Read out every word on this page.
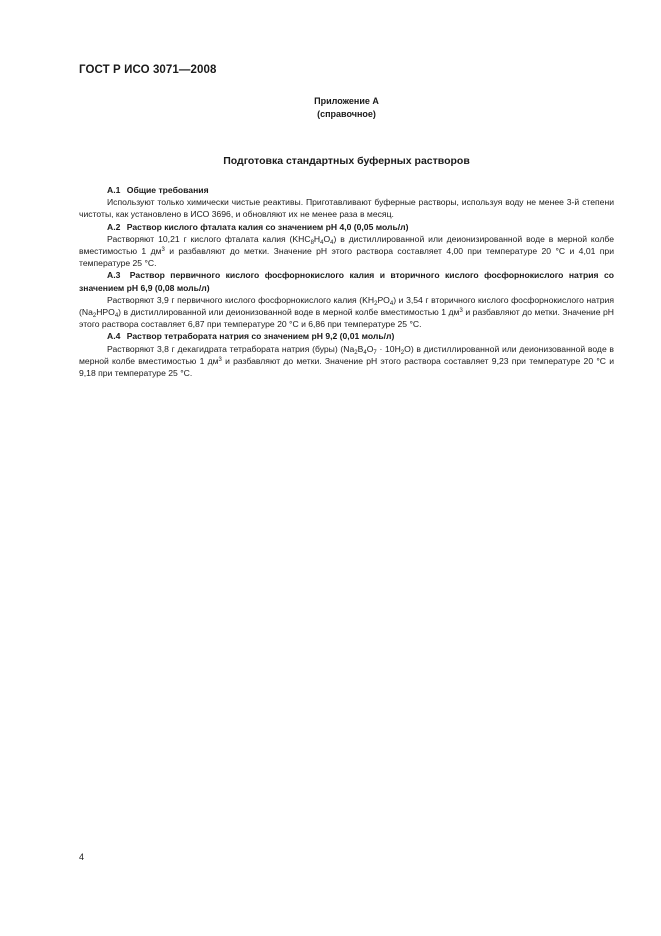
ГОСТ Р ИСО 3071—2008
Приложение А
(справочное)
Подготовка стандартных буферных растворов

А.1 Общие требования

Используют только химически чистые реактивы. Приготавливают буферные растворы, используя воду не менее 3-й степени чистоты, как установлено в ИСО 3696, и обновляют их не менее раза в месяц.

А.2 Раствор кислого фталата калия со значением рН 4,0 (0,05 моль/л)

Растворяют 10,21 г кислого фталата калия $(KHC_8H_4O_4)$ в дистиллированной или деионизированной воде в мерной колбе вместимостью 1 $дм^3$ и разбавляют до метки. Значение рН этого раствора составляет 4,00 при температуре 20 °С и 4,01 при температуре 25 °С.

А.3 Раствор первичного кислого фосфорнокислого калия и вторичного кислого фосфорнокислого натрия со значением рН 6,9 (0,08 моль/л)

Растворяют 3,9 г первичного кислого фосфорнокислого калия $(KH_2PO_4)$ и 3,54 г вторичного кислого фосфорнокислого натрия $(Na_2HPO_4)$ в дистиллированной или деионизованной воде в мерной колбе вместимостью 1 $дм^3$ и разбавляют до метки. Значение рН этого раствора составляет 6,87 при температуре 20 °С и 6,86 при температуре 25 °С.

А.4 Раствор тетрабората натрия со значением рН 9,2 (0,01 моль/л)

Растворяют 3,8 г декагидрата тетрабората натрия (буры) $(Na_2B_4O_7 \cdot 10H_2O)$ в дистиллированной или деионизованной воде в мерной колбе вместимостью 1 $дм^3$ и разбавляют до метки. Значение рН этого раствора составляет 9,23 при температуре 20 °С и 9,18 при температуре 25 °С.

4
